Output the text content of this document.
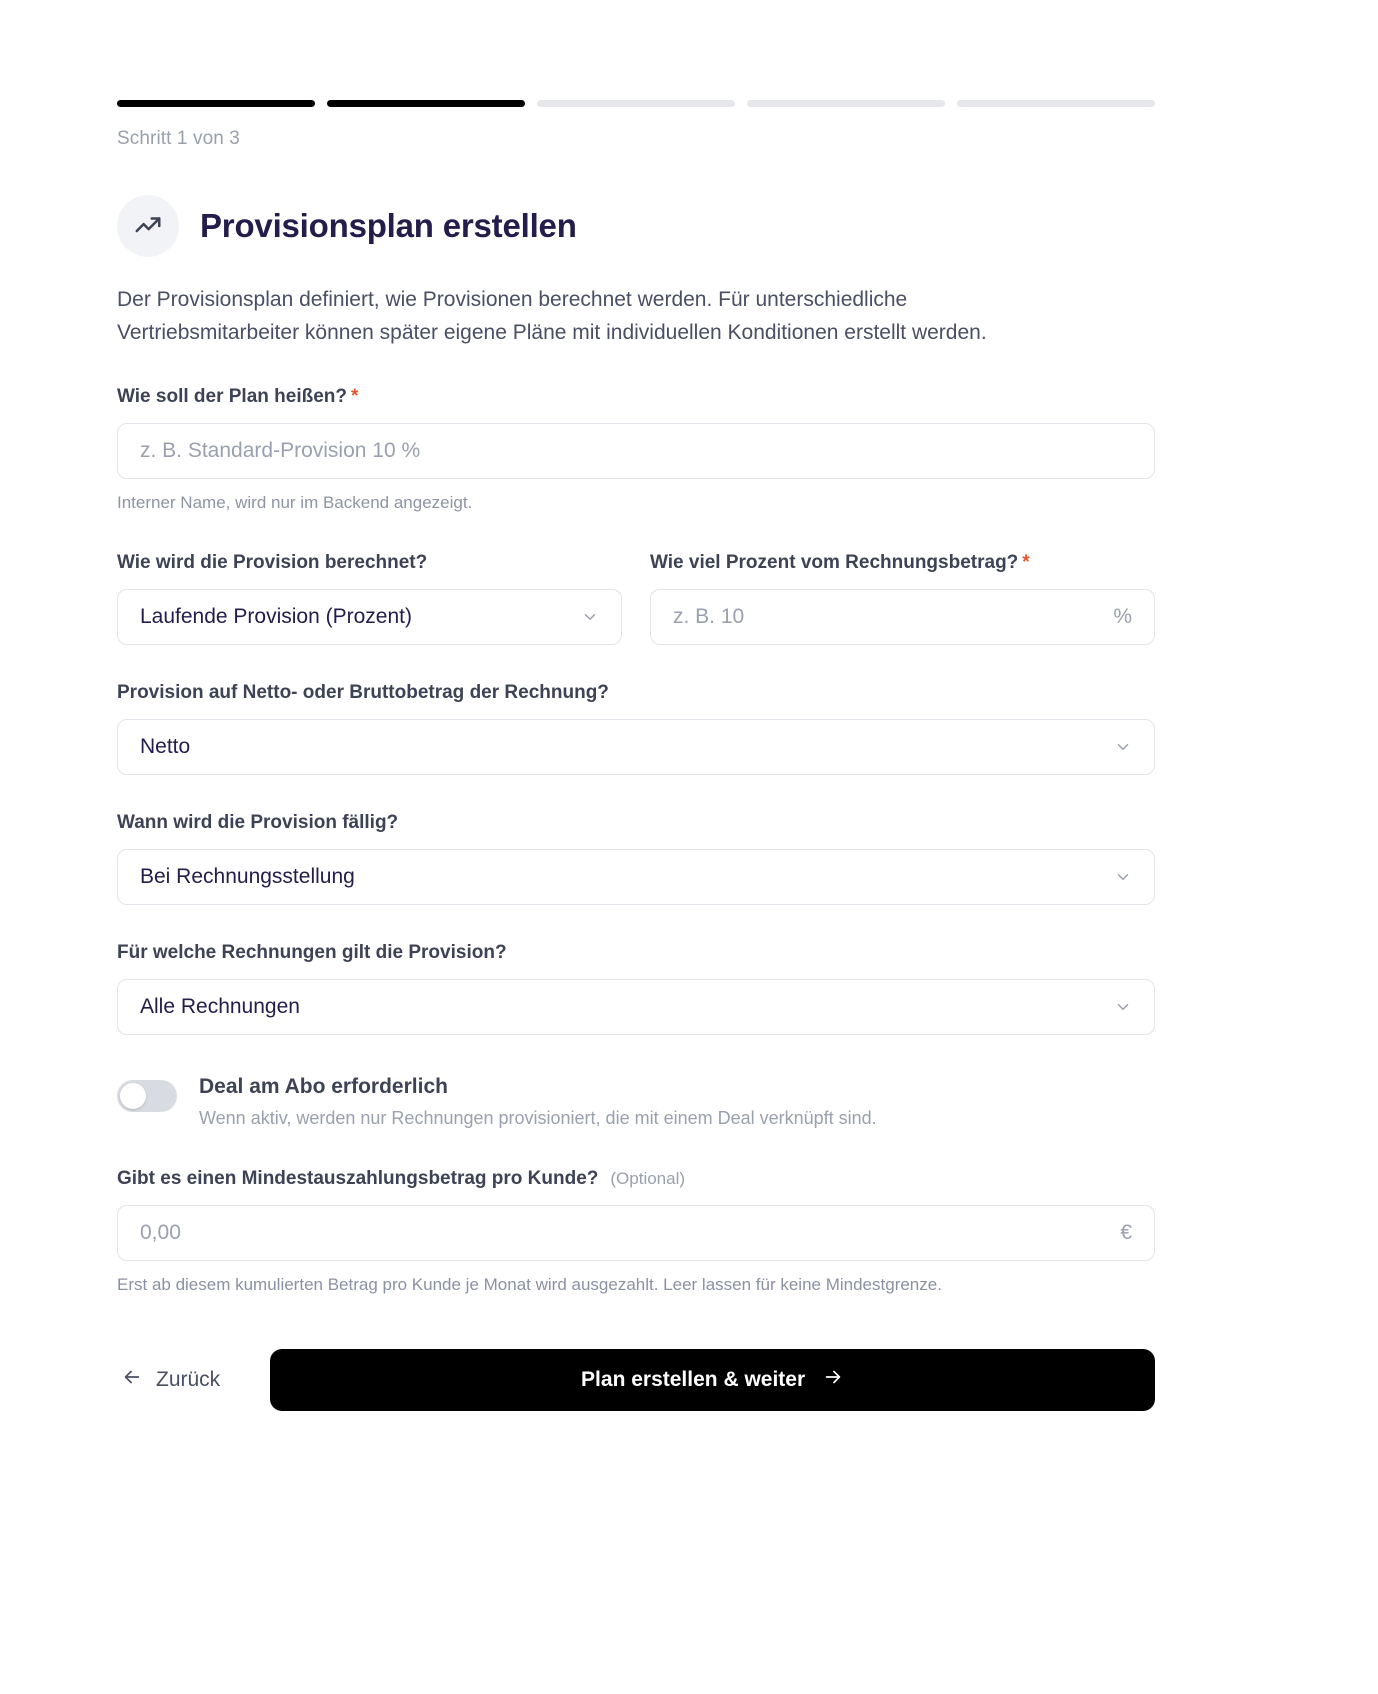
Schritt 1 von 3
Provisionsplan erstellen

Der Provisionsplan definiert, wie Provisionen berechnet werden. Für unterschiedliche Vertriebsmitarbeiter können später eigene Pläne mit individuellen Konditionen erstellt werden.

Wie soll der Plan heißen? *
z. B. Standard-Provision 10 %
Interner Name, wird nur im Backend angezeigt.
Wie wird die Provision berechnet?
Laufende Provision (Prozent)
Wie viel Prozent vom Rechnungsbetrag? *
z. B. 10	%
Provision auf Netto- oder Bruttobetrag der Rechnung?
Netto
Wann wird die Provision fällig?
Bei Rechnungsstellung
Für welche Rechnungen gilt die Provision?
Alle Rechnungen
Deal am Abo erforderlich
Wenn aktiv, werden nur Rechnungen provisioniert, die mit einem Deal verknüpft sind.
Gibt es einen Mindestauszahlungsbetrag pro Kunde? (Optional)
0,00	€
Erst ab diesem kumulierten Betrag pro Kunde je Monat wird ausgezahlt. Leer lassen für keine Mindestgrenze.
Zurück	Plan erstellen & weiter
